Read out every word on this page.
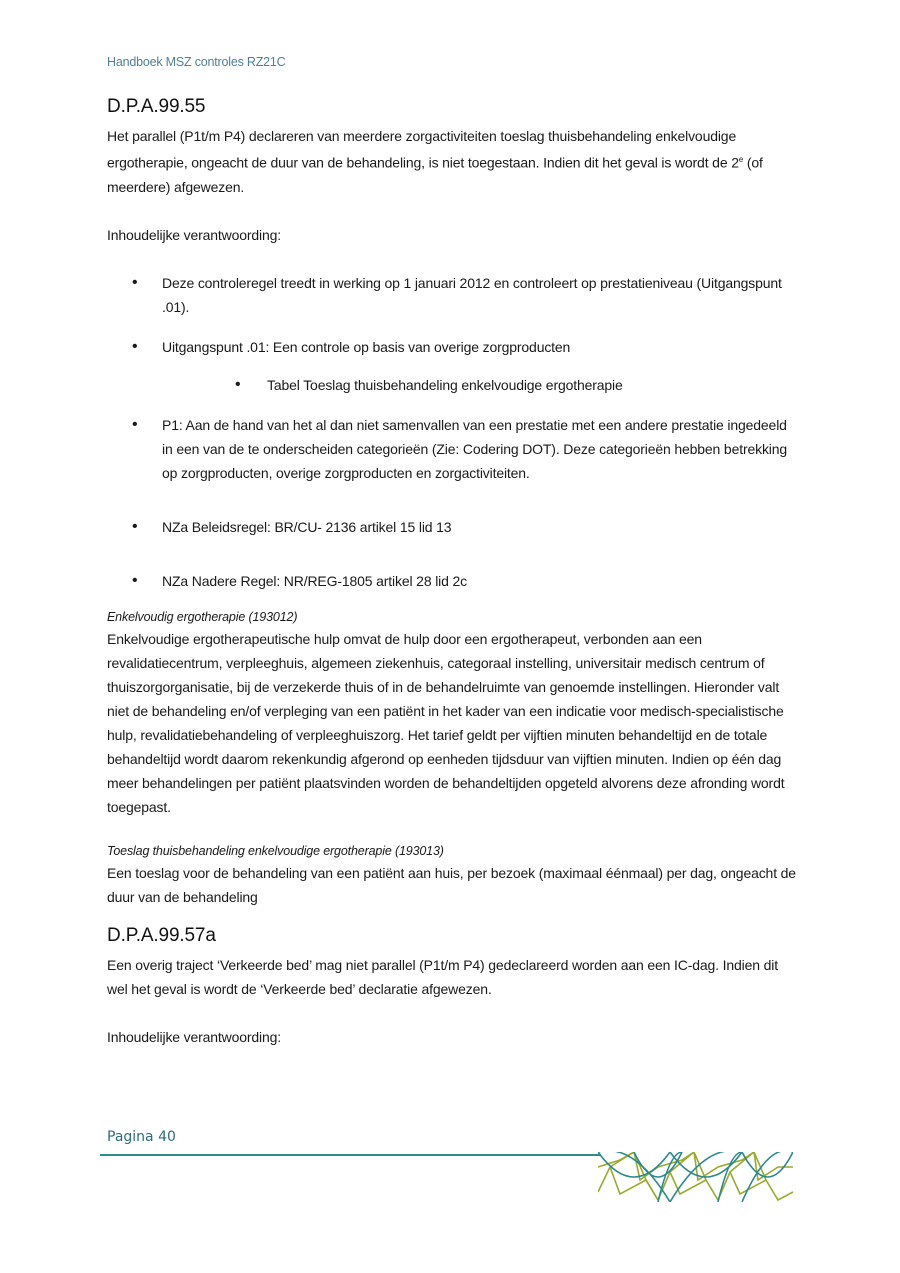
Handboek MSZ controles RZ21C
D.P.A.99.55

Het parallel (P1t/m P4) declareren van meerdere zorgactiviteiten toeslag thuisbehandeling enkelvoudige ergotherapie, ongeacht de duur van de behandeling, is niet toegestaan. Indien dit het geval is wordt de 2e (of meerdere) afgewezen.

Inhoudelijke verantwoording:

• Deze controleregel treedt in werking op 1 januari 2012 en controleert op prestatieniveau (Uitgangspunt .01).
• Uitgangspunt .01: Een controle op basis van overige zorgproducten
• Tabel Toeslag thuisbehandeling enkelvoudige ergotherapie
• P1: Aan de hand van het al dan niet samenvallen van een prestatie met een andere prestatie ingedeeld in een van de te onderscheiden categorieën (Zie: Codering DOT). Deze categorieën hebben betrekking op zorgproducten, overige zorgproducten en zorgactiviteiten.
• NZa Beleidsregel: BR/CU- 2136 artikel 15 lid 13
• NZa Nadere Regel: NR/REG-1805 artikel 28 lid 2c

Enkelvoudig ergotherapie (193012)

Enkelvoudige ergotherapeutische hulp omvat de hulp door een ergotherapeut, verbonden aan een revalidatiecentrum, verpleeghuis, algemeen ziekenhuis, categoraal instelling, universitair medisch centrum of thuiszorgorganisatie, bij de verzekerde thuis of in de behandelruimte van genoemde instellingen. Hieronder valt niet de behandeling en/of verpleging van een patiënt in het kader van een indicatie voor medisch-specialistische hulp, revalidatiebehandeling of verpleeghuiszorg. Het tarief geldt per vijftien minuten behandeltijd en de totale behandeltijd wordt daarom rekenkundig afgerond op eenheden tijdsduur van vijftien minuten. Indien op één dag meer behandelingen per patiënt plaatsvinden worden de behandeltijden opgeteld alvorens deze afronding wordt toegepast.

Toeslag thuisbehandeling enkelvoudige ergotherapie (193013)

Een toeslag voor de behandeling van een patiënt aan huis, per bezoek (maximaal éénmaal) per dag, ongeacht de duur van de behandeling

D.P.A.99.57a

Een overig traject ‘Verkeerde bed’ mag niet parallel (P1t/m P4) gedeclareerd worden aan een IC-dag. Indien dit wel het geval is wordt de ‘Verkeerde bed’ declaratie afgewezen.

Inhoudelijke verantwoording:

Pagina 40
